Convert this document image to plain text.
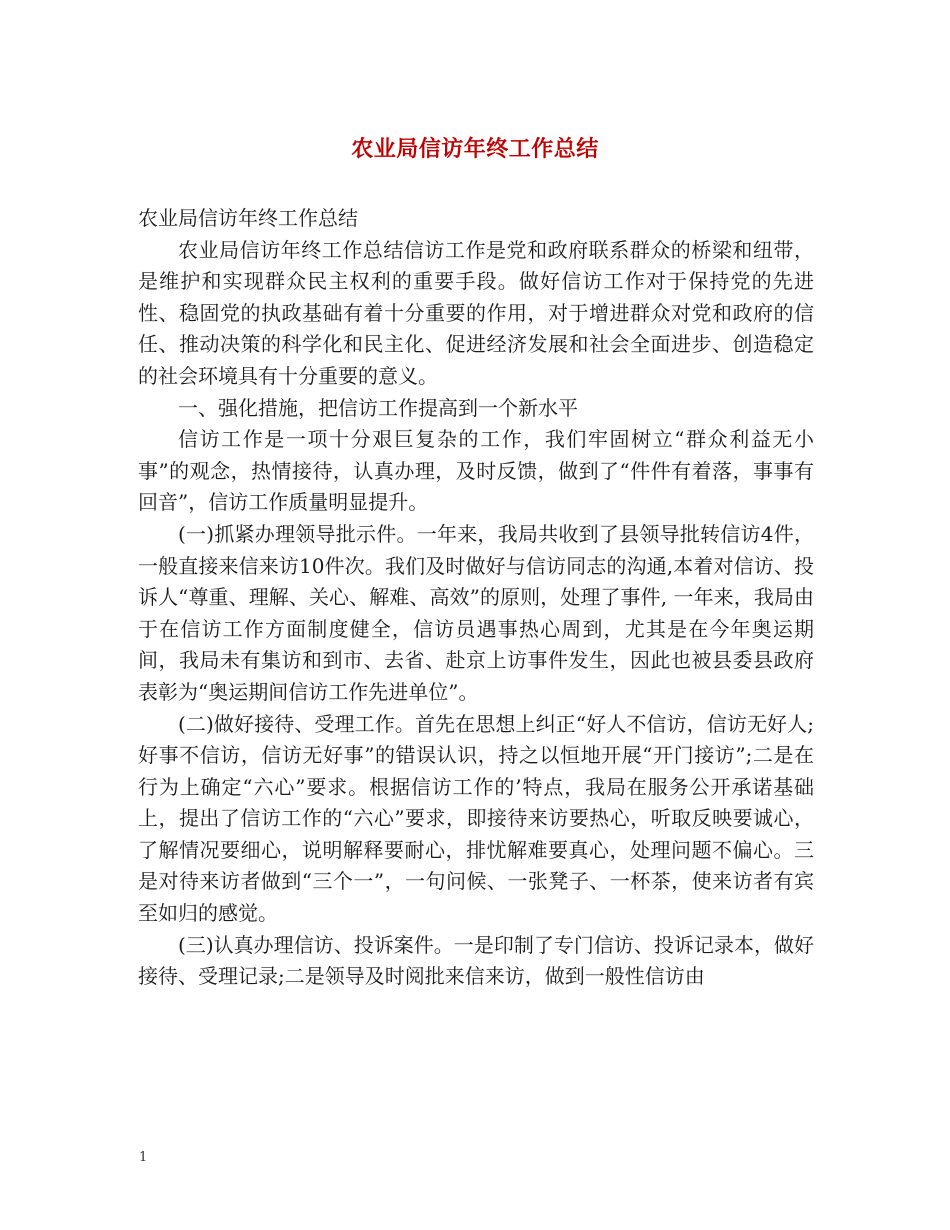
农业局信访年终工作总结

农业局信访年终工作总结

农业局信访年终工作总结信访工作是党和政府联系群众的桥梁和纽带，是维护和实现群众民主权利的重要手段。做好信访工作对于保持党的先进性、稳固党的执政基础有着十分重要的作用，对于增进群众对党和政府的信任、推动决策的科学化和民主化、促进经济发展和社会全面进步、创造稳定的社会环境具有十分重要的意义。

一、强化措施，把信访工作提高到一个新水平

信访工作是一项十分艰巨复杂的工作，我们牢固树立“群众利益无小事”的观念，热情接待，认真办理，及时反馈，做到了“件件有着落，事事有回音”，信访工作质量明显提升。

(一)抓紧办理领导批示件。一年来，我局共收到了县领导批转信访4件，一般直接来信来访10件次。我们及时做好与信访同志的沟通,本着对信访、投诉人“尊重、理解、关心、解难、高效”的原则，处理了事件, 一年来，我局由于在信访工作方面制度健全，信访员遇事热心周到，尤其是在今年奥运期间，我局未有集访和到市、去省、赴京上访事件发生，因此也被县委县政府表彰为“奥运期间信访工作先进单位”。

(二)做好接待、受理工作。首先在思想上纠正“好人不信访，信访无好人;好事不信访，信访无好事”的错误认识，持之以恒地开展“开门接访”;二是在行为上确定“六心”要求。根据信访工作的’特点，我局在服务公开承诺基础上，提出了信访工作的“六心”要求，即接待来访要热心，听取反映要诚心，了解情况要细心，说明解释要耐心，排忧解难要真心，处理问题不偏心。三是对待来访者做到“三个一”，一句问候、一张凳子、一杯茶，使来访者有宾至如归的感觉。

(三)认真办理信访、投诉案件。一是印制了专门信访、投诉记录本，做好接待、受理记录;二是领导及时阅批来信来访，做到一般性信访由

1
